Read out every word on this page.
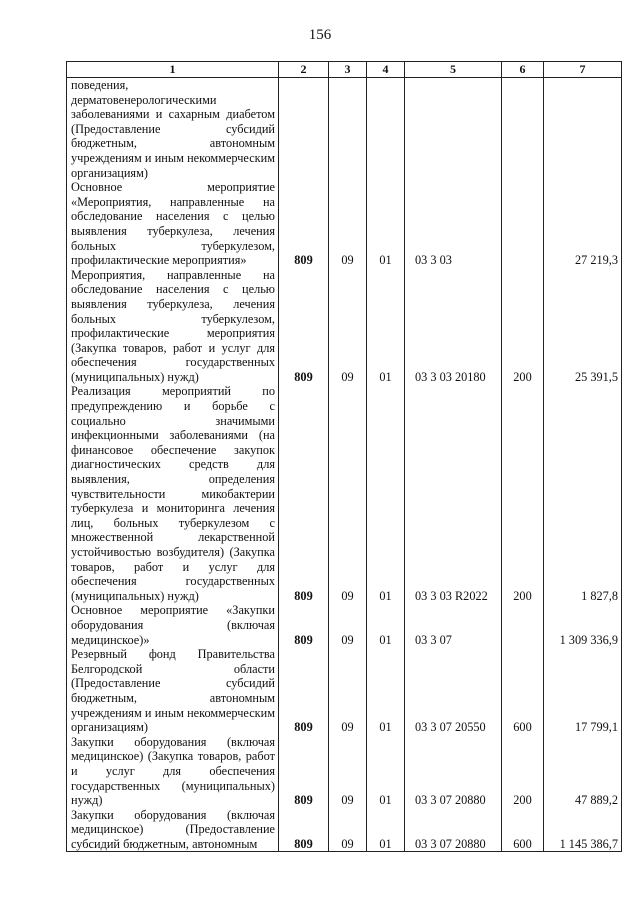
156
1	2	3	4	5	6	7
поведения, дерматовенерологическими заболеваниями и сахарным диабетом (Предоставление субсидий бюджетным, автономным учреждениям и иным некоммерческим организациям)						
Основное мероприятие «Мероприятия, направленные на обследование населения с целью выявления туберкулеза, лечения больных туберкулезом, профилактические мероприятия»	809	09	01	03 3 03		27 219,3
Мероприятия, направленные на обследование населения с целью выявления туберкулеза, лечения больных туберкулезом, профилактические мероприятия (Закупка товаров, работ и услуг для обеспечения государственных (муниципальных) нужд)	809	09	01	03 3 03 20180	200	25 391,5
Реализация мероприятий по предупреждению и борьбе с социально значимыми инфекционными заболеваниями (на финансовое обеспечение закупок диагностических средств для выявления, определения чувствительности микобактерии туберкулеза и мониторинга лечения лиц, больных туберкулезом с множественной лекарственной устойчивостью возбудителя) (Закупка товаров, работ и услуг для обеспечения государственных (муниципальных) нужд)	809	09	01	03 3 03 R2022	200	1 827,8
Основное мероприятие «Закупки оборудования (включая медицинское)»	809	09	01	03 3 07		1 309 336,9
Резервный фонд Правительства Белгородской области (Предоставление субсидий бюджетным, автономным учреждениям и иным некоммерческим организациям)	809	09	01	03 3 07 20550	600	17 799,1
Закупки оборудования (включая медицинское) (Закупка товаров, работ и услуг для обеспечения государственных (муниципальных) нужд)	809	09	01	03 3 07 20880	200	47 889,2
Закупки оборудования (включая медицинское) (Предоставление субсидий бюджетным, автономным	809	09	01	03 3 07 20880	600	1 145 386,7
